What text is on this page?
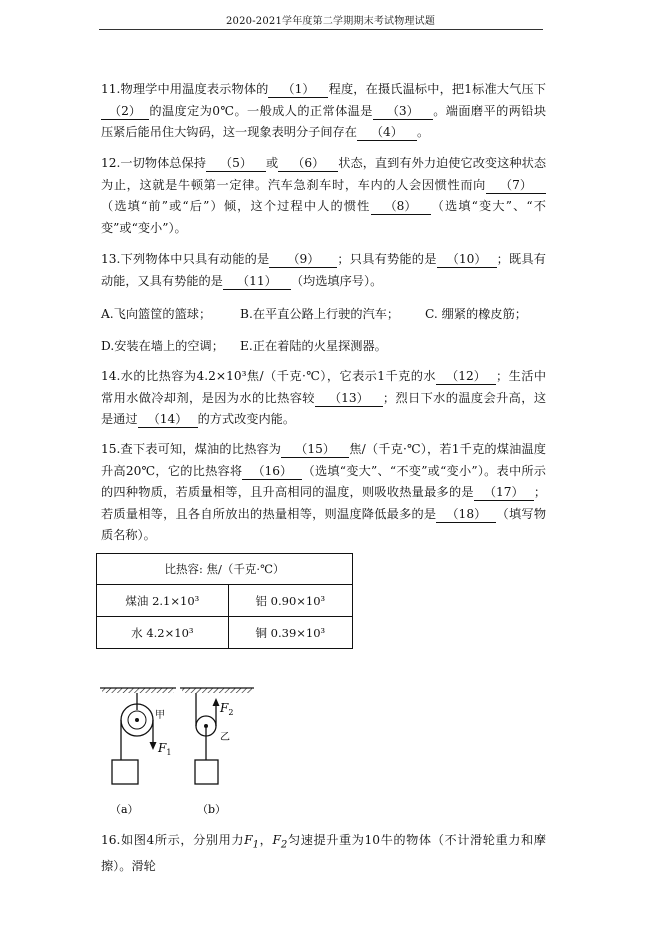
2020-2021学年度第二学期期末考试物理试题
11.物理学中用温度表示物体的 （1） 程度，在摄氏温标中，把1标准大气压下（2） 的温度定为0℃。一般成人的正常体温是 （3） 。端面磨平的两铅块压紧后能吊住大钩码，这一现象表明分子间存在 （4） 。
12.一切物体总保持 （5） 或 （6） 状态，直到有外力迫使它改变这种状态为止，这就是牛顿第一定律。汽车急刹车时，车内的人会因惯性而向 （7）（选填“前”或“后”）倾，这个过程中人的惯性 （8） （选填“变大”、“不变”或“变小”）。
13.下列物体中只具有动能的是 （9） ；只具有势能的是 （10） ；既具有动能，又具有势能的是 （11） （均选填序号）。
A.飞向篮筐的篮球； B.在平直公路上行驶的汽车； C. 绷紧的橡皮筋；
D.安装在墙上的空调； E.正在着陆的火星探测器。
14.水的比热容为4.2×10³焦/（千克·℃），它表示1千克的水 （12） ；生活中常用水做冷却剂，是因为水的比热容较 （13） ；烈日下水的温度会升高，这是通过 （14） 的方式改变内能。
15.查下表可知，煤油的比热容为 （15） 焦/（千克·℃），若1千克的煤油温度升高20℃，它的比热容将 （16） （选填“变大”、“不变”或“变小”）。表中所示的四种物质，若质量相等，且升高相同的温度，则吸收热量最多的是 （17） ；若质量相等，且各自所放出的热量相等，则温度降低最多的是 （18） （填写物质名称）。
比热容: 焦/（千克·℃）	
煤油 2.1×10³	铝 0.90×10³
水 4.2×10³	铜 0.39×10³
甲
$F_1$
（a）
$F_2$
乙
（b）
16.如图4所示，分别用力$F_1$，$F_2$匀速提升重为10牛的物体（不计滑轮重力和摩擦）。滑轮
